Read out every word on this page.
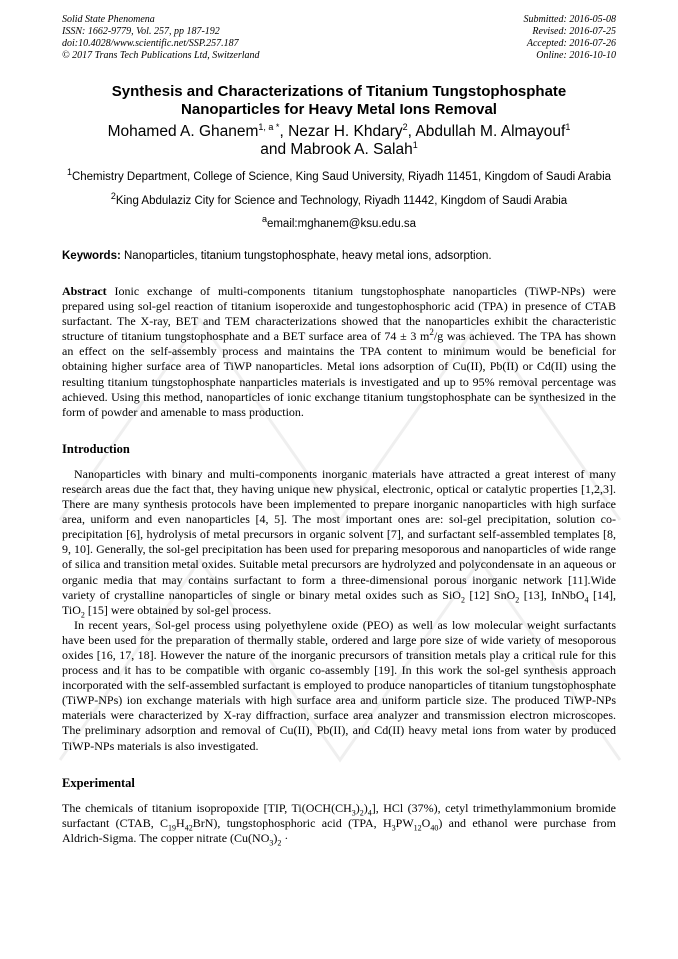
Solid State Phenomena
ISSN: 1662-9779, Vol. 257, pp 187-192
doi:10.4028/www.scientific.net/SSP.257.187
© 2017 Trans Tech Publications Ltd, Switzerland
Submitted: 2016-05-08
Revised: 2016-07-25
Accepted: 2016-07-26
Online: 2016-10-10
Synthesis and Characterizations of Titanium Tungstophosphate
Nanoparticles for Heavy Metal Ions Removal
Mohamed A. Ghanem$^{1, a *}$, Nezar H. Khdary$^2$, Abdullah M. Almayouf$^1$
and Mabrook A. Salah$^1$
$^1$Chemistry Department, College of Science, King Saud University, Riyadh 11451, Kingdom of Saudi Arabia
$^2$King Abdulaziz City for Science and Technology, Riyadh 11442, Kingdom of Saudi Arabia
$^a$email:mghanem@ksu.edu.sa
Keywords: Nanoparticles, titanium tungstophosphate, heavy metal ions, adsorption.
Abstract Ionic exchange of multi-components titanium tungstophosphate nanoparticles (TiWP-NPs) were prepared using sol-gel reaction of titanium isoperoxide and tungestophosphoric acid (TPA) in presence of CTAB surfactant. The X-ray, BET and TEM characterizations showed that the nanoparticles exhibit the characteristic structure of titanium tungstophosphate and a BET surface area of 74 ± 3 $m^2/g$ was achieved. The TPA has shown an effect on the self-assembly process and maintains the TPA content to minimum would be beneficial for obtaining higher surface area of TiWP nanoparticles. Metal ions adsorption of Cu(II), Pb(II) or Cd(II) using the resulting titanium tungstophosphate nanparticles materials is investigated and up to 95% removal percentage was achieved. Using this method, nanoparticles of ionic exchange titanium tungstophosphate can be synthesized in the form of powder and amenable to mass production.
Introduction

Nanoparticles with binary and multi-components inorganic materials have attracted a great interest of many research areas due the fact that, they having unique new physical, electronic, optical or catalytic properties [1,2,3]. There are many synthesis protocols have been implemented to prepare inorganic nanoparticles with high surface area, uniform and even nanoparticles [4, 5]. The most important ones are: sol-gel precipitation, solution co-precipitation [6], hydrolysis of metal precursors in organic solvent [7], and surfactant self-assembled templates [8, 9, 10]. Generally, the sol-gel precipitation has been used for preparing mesoporous and nanoparticles of wide range of silica and transition metal oxides. Suitable metal precursors are hydrolyzed and polycondensate in an aqueous or organic media that may contains surfactant to form a three-dimensional porous inorganic network [11].Wide variety of crystalline nanoparticles of single or binary metal oxides such as SiO$_2$ [12] SnO$_2$ [13], InNbO$_4$ [14], TiO$_2$ [15] were obtained by sol-gel process.

In recent years, Sol-gel process using polyethylene oxide (PEO) as well as low molecular weight surfactants have been used for the preparation of thermally stable, ordered and large pore size of wide variety of mesoporous oxides [16, 17, 18]. However the nature of the inorganic precursors of transition metals play a critical rule for this process and it has to be compatible with organic co-assembly [19]. In this work the sol-gel synthesis approach incorporated with the self-assembled surfactant is employed to produce nanoparticles of titanium tungstophosphate (TiWP-NPs) ion exchange materials with high surface area and uniform particle size. The produced TiWP-NPs materials were characterized by X-ray diffraction, surface area analyzer and transmission electron microscopes. The preliminary adsorption and removal of Cu(II), Pb(II), and Cd(II) heavy metal ions from water by produced TiWP-NPs materials is also investigated.

Experimental

The chemicals of titanium isopropoxide [TIP, $Ti(OCH(CH_3)_2)_4$], HCl (37%), cetyl trimethylammonium bromide surfactant (CTAB, $C_{19}H_{42}BrN$), tungstophosphoric acid (TPA, $H_3PW_{12}O_{40}$) and ethanol were purchase from Aldrich-Sigma. The copper nitrate ($Cu(NO_3)_2$ ·
